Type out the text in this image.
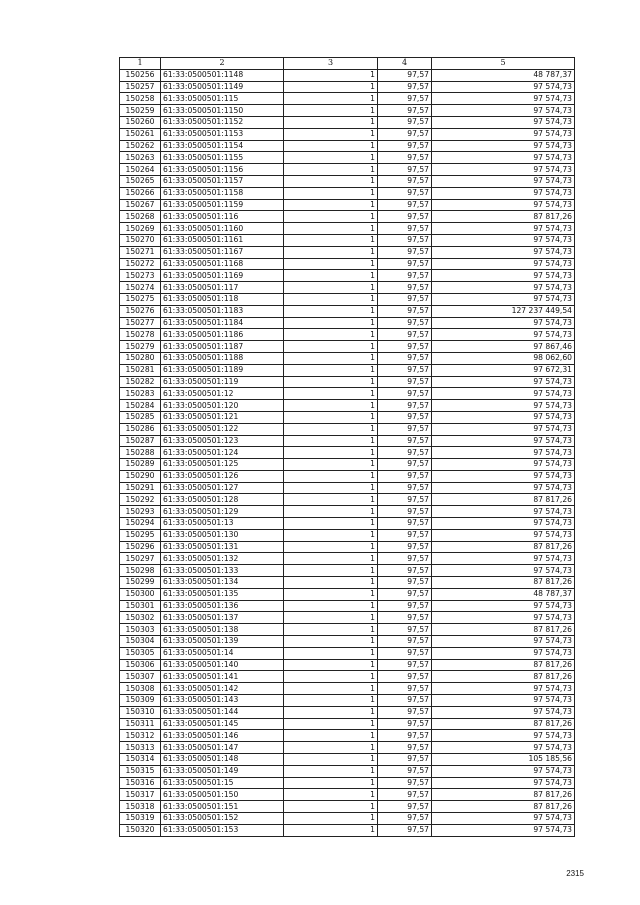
1	2	3	4	5
150256	61:33:0500501:1148	1	97,57	48 787,37
150257	61:33:0500501:1149	1	97,57	97 574,73
150258	61:33:0500501:115	1	97,57	97 574,73
150259	61:33:0500501:1150	1	97,57	97 574,73
150260	61:33:0500501:1152	1	97,57	97 574,73
150261	61:33:0500501:1153	1	97,57	97 574,73
150262	61:33:0500501:1154	1	97,57	97 574,73
150263	61:33:0500501:1155	1	97,57	97 574,73
150264	61:33:0500501:1156	1	97,57	97 574,73
150265	61:33:0500501:1157	1	97,57	97 574,73
150266	61:33:0500501:1158	1	97,57	97 574,73
150267	61:33:0500501:1159	1	97,57	97 574,73
150268	61:33:0500501:116	1	97,57	87 817,26
150269	61:33:0500501:1160	1	97,57	97 574,73
150270	61:33:0500501:1161	1	97,57	97 574,73
150271	61:33:0500501:1167	1	97,57	97 574,73
150272	61:33:0500501:1168	1	97,57	97 574,73
150273	61:33:0500501:1169	1	97,57	97 574,73
150274	61:33:0500501:117	1	97,57	97 574,73
150275	61:33:0500501:118	1	97,57	97 574,73
150276	61:33:0500501:1183	1	97,57	127 237 449,54
150277	61:33:0500501:1184	1	97,57	97 574,73
150278	61:33:0500501:1186	1	97,57	97 574,73
150279	61:33:0500501:1187	1	97,57	97 867,46
150280	61:33:0500501:1188	1	97,57	98 062,60
150281	61:33:0500501:1189	1	97,57	97 672,31
150282	61:33:0500501:119	1	97,57	97 574,73
150283	61:33:0500501:12	1	97,57	97 574,73
150284	61:33:0500501:120	1	97,57	97 574,73
150285	61:33:0500501:121	1	97,57	97 574,73
150286	61:33:0500501:122	1	97,57	97 574,73
150287	61:33:0500501:123	1	97,57	97 574,73
150288	61:33:0500501:124	1	97,57	97 574,73
150289	61:33:0500501:125	1	97,57	97 574,73
150290	61:33:0500501:126	1	97,57	97 574,73
150291	61:33:0500501:127	1	97,57	97 574,73
150292	61:33:0500501:128	1	97,57	87 817,26
150293	61:33:0500501:129	1	97,57	97 574,73
150294	61:33:0500501:13	1	97,57	97 574,73
150295	61:33:0500501:130	1	97,57	97 574,73
150296	61:33:0500501:131	1	97,57	87 817,26
150297	61:33:0500501:132	1	97,57	97 574,73
150298	61:33:0500501:133	1	97,57	97 574,73
150299	61:33:0500501:134	1	97,57	87 817,26
150300	61:33:0500501:135	1	97,57	48 787,37
150301	61:33:0500501:136	1	97,57	97 574,73
150302	61:33:0500501:137	1	97,57	97 574,73
150303	61:33:0500501:138	1	97,57	87 817,26
150304	61:33:0500501:139	1	97,57	97 574,73
150305	61:33:0500501:14	1	97,57	97 574,73
150306	61:33:0500501:140	1	97,57	87 817,26
150307	61:33:0500501:141	1	97,57	87 817,26
150308	61:33:0500501:142	1	97,57	97 574,73
150309	61:33:0500501:143	1	97,57	97 574,73
150310	61:33:0500501:144	1	97,57	97 574,73
150311	61:33:0500501:145	1	97,57	87 817,26
150312	61:33:0500501:146	1	97,57	97 574,73
150313	61:33:0500501:147	1	97,57	97 574,73
150314	61:33:0500501:148	1	97,57	105 185,56
150315	61:33:0500501:149	1	97,57	97 574,73
150316	61:33:0500501:15	1	97,57	97 574,73
150317	61:33:0500501:150	1	97,57	87 817,26
150318	61:33:0500501:151	1	97,57	87 817,26
150319	61:33:0500501:152	1	97,57	97 574,73
150320	61:33:0500501:153	1	97,57	97 574,73
2315
